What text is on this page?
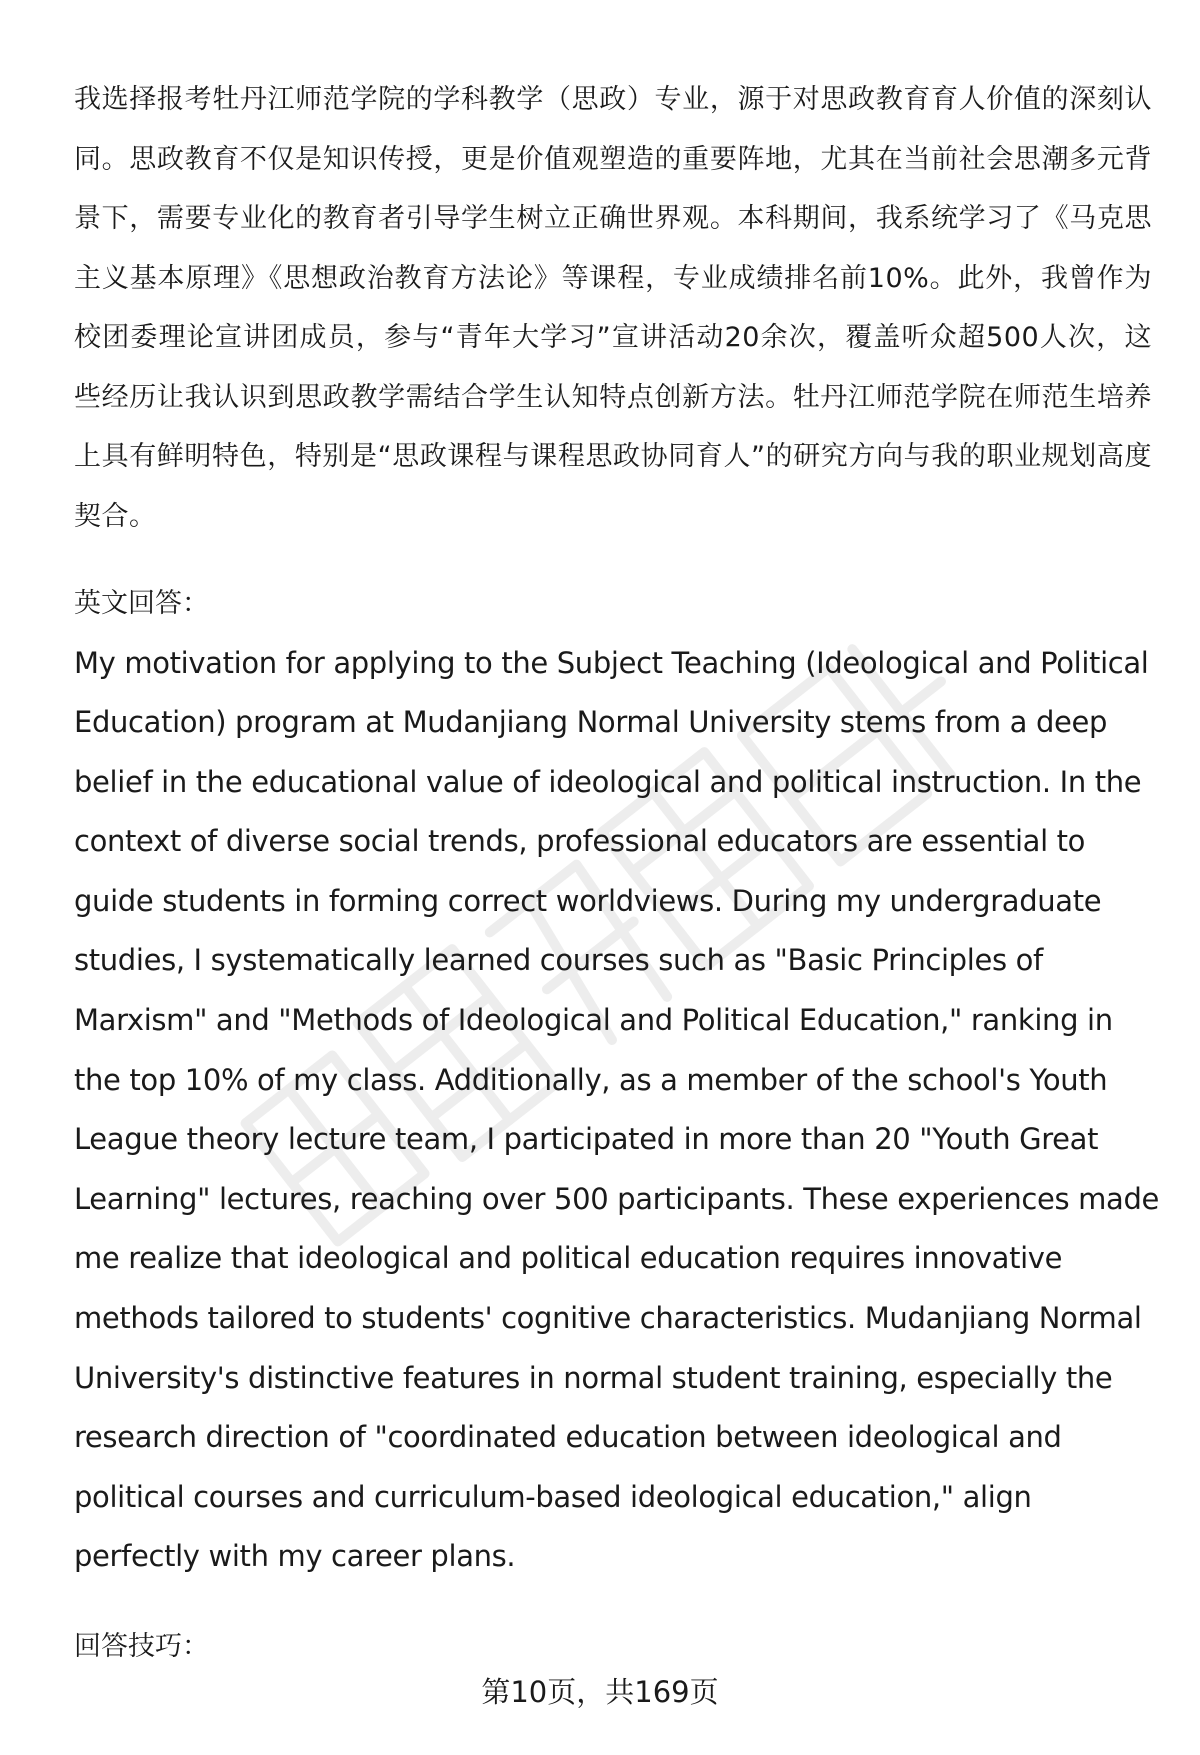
我选择报考牡丹江师范学院的学科教学（思政）专业，源于对思政教育育人价值的深刻认同。思政教育不仅是知识传授，更是价值观塑造的重要阵地，尤其在当前社会思潮多元背景下，需要专业化的教育者引导学生树立正确世界观。本科期间，我系统学习了《马克思主义基本原理》《思想政治教育方法论》等课程，专业成绩排名前10%。此外，我曾作为校团委理论宣讲团成员，参与“青年大学习”宣讲活动20余次，覆盖听众超500人次，这些经历让我认识到思政教学需结合学生认知特点创新方法。牡丹江师范学院在师范生培养上具有鲜明特色，特别是“思政课程与课程思政协同育人”的研究方向与我的职业规划高度契合。

英文回答：

My motivation for applying to the Subject Teaching (Ideological and Political Education) program at Mudanjiang Normal University stems from a deep belief in the educational value of ideological and political instruction. In the context of diverse social trends, professional educators are essential to guide students in forming correct worldviews. During my undergraduate studies, I systematically learned courses such as "Basic Principles of Marxism" and "Methods of Ideological and Political Education," ranking in the top 10% of my class. Additionally, as a member of the school's Youth League theory lecture team, I participated in more than 20 "Youth Great Learning" lectures, reaching over 500 participants. These experiences made me realize that ideological and political education requires innovative methods tailored to students' cognitive characteristics. Mudanjiang Normal University's distinctive features in normal student training, especially the research direction of "coordinated education between ideological and political courses and curriculum-based ideological education," align perfectly with my career plans.

回答技巧：

第10页，共169页
